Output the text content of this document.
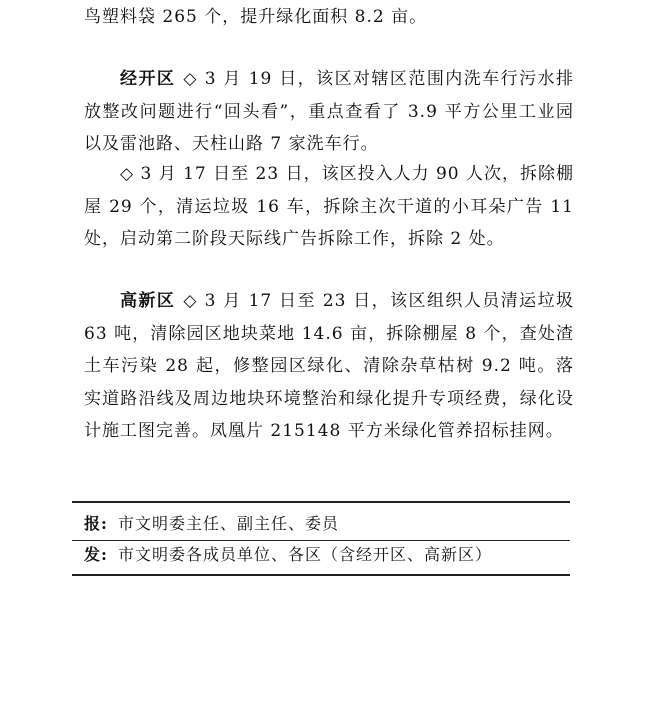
鸟塑料袋 265 个，提升绿化面积 8.2 亩。

经开区 ◇ 3 月 19 日，该区对辖区范围内洗车行污水排放整改问题进行“回头看”，重点查看了 3.9 平方公里工业园以及雷池路、天柱山路 7 家洗车行。

◇ 3 月 17 日至 23 日，该区投入人力 90 人次，拆除棚屋 29 个，清运垃圾 16 车，拆除主次干道的小耳朵广告 11 处，启动第二阶段天际线广告拆除工作，拆除 2 处。

高新区 ◇ 3 月 17 日至 23 日，该区组织人员清运垃圾 63 吨，清除园区地块菜地 14.6 亩，拆除棚屋 8 个，查处渣土车污染 28 起，修整园区绿化、清除杂草枯树 9.2 吨。落实道路沿线及周边地块环境整治和绿化提升专项经费，绿化设计施工图完善。凤凰片 215148 平方米绿化管养招标挂网。

报: 市文明委主任、副主任、委员
发: 市文明委各成员单位、各区（含经开区、高新区）
